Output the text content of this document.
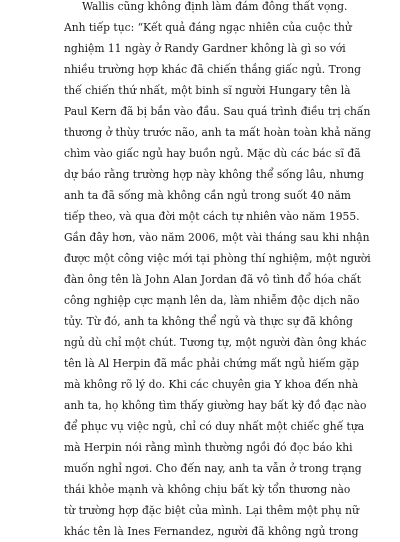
Wallis cũng không định làm đám đông thất vọng.
Anh tiếp tục: “Kết quả đáng ngạc nhiên của cuộc thử
nghiệm 11 ngày ở Randy Gardner không là gì so với
nhiều trường hợp khác đã chiến thắng giấc ngủ. Trong
thế chiến thứ nhất, một binh sĩ người Hungary tên là
Paul Kern đã bị bắn vào đầu. Sau quá trình điều trị chấn
thương ở thùy trước não, anh ta mất hoàn toàn khả năng
chìm vào giấc ngủ hay buồn ngủ. Mặc dù các bác sĩ đã
dự báo rằng trường hợp này không thể sống lâu, nhưng
anh ta đã sống mà không cần ngủ trong suốt 40 năm
tiếp theo, và qua đời một cách tự nhiên vào năm 1955.
Gần đây hơn, vào năm 2006, một vài tháng sau khi nhận
được một công việc mới tại phòng thí nghiệm, một người
đàn ông tên là John Alan Jordan đã vô tình đổ hóa chất
công nghiệp cực mạnh lên da, làm nhiễm độc dịch não
tủy. Từ đó, anh ta không thể ngủ và thực sự đã không
ngủ dù chỉ một chút. Tương tự, một người đàn ông khác
tên là Al Herpin đã mắc phải chứng mất ngủ hiếm gặp
mà không rõ lý do. Khi các chuyên gia Y khoa đến nhà
anh ta, họ không tìm thấy giường hay bất kỳ đồ đạc nào
để phục vụ việc ngủ, chỉ có duy nhất một chiếc ghế tựa
mà Herpin nói rằng mình thường ngồi đó đọc báo khi
muốn nghỉ ngơi. Cho đến nay, anh ta vẫn ở trong trạng
thái khỏe mạnh và không chịu bất kỳ tổn thương nào
từ trường hợp đặc biệt của mình. Lại thêm một phụ nữ
khác tên là Ines Fernandez, người đã không ngủ trong
